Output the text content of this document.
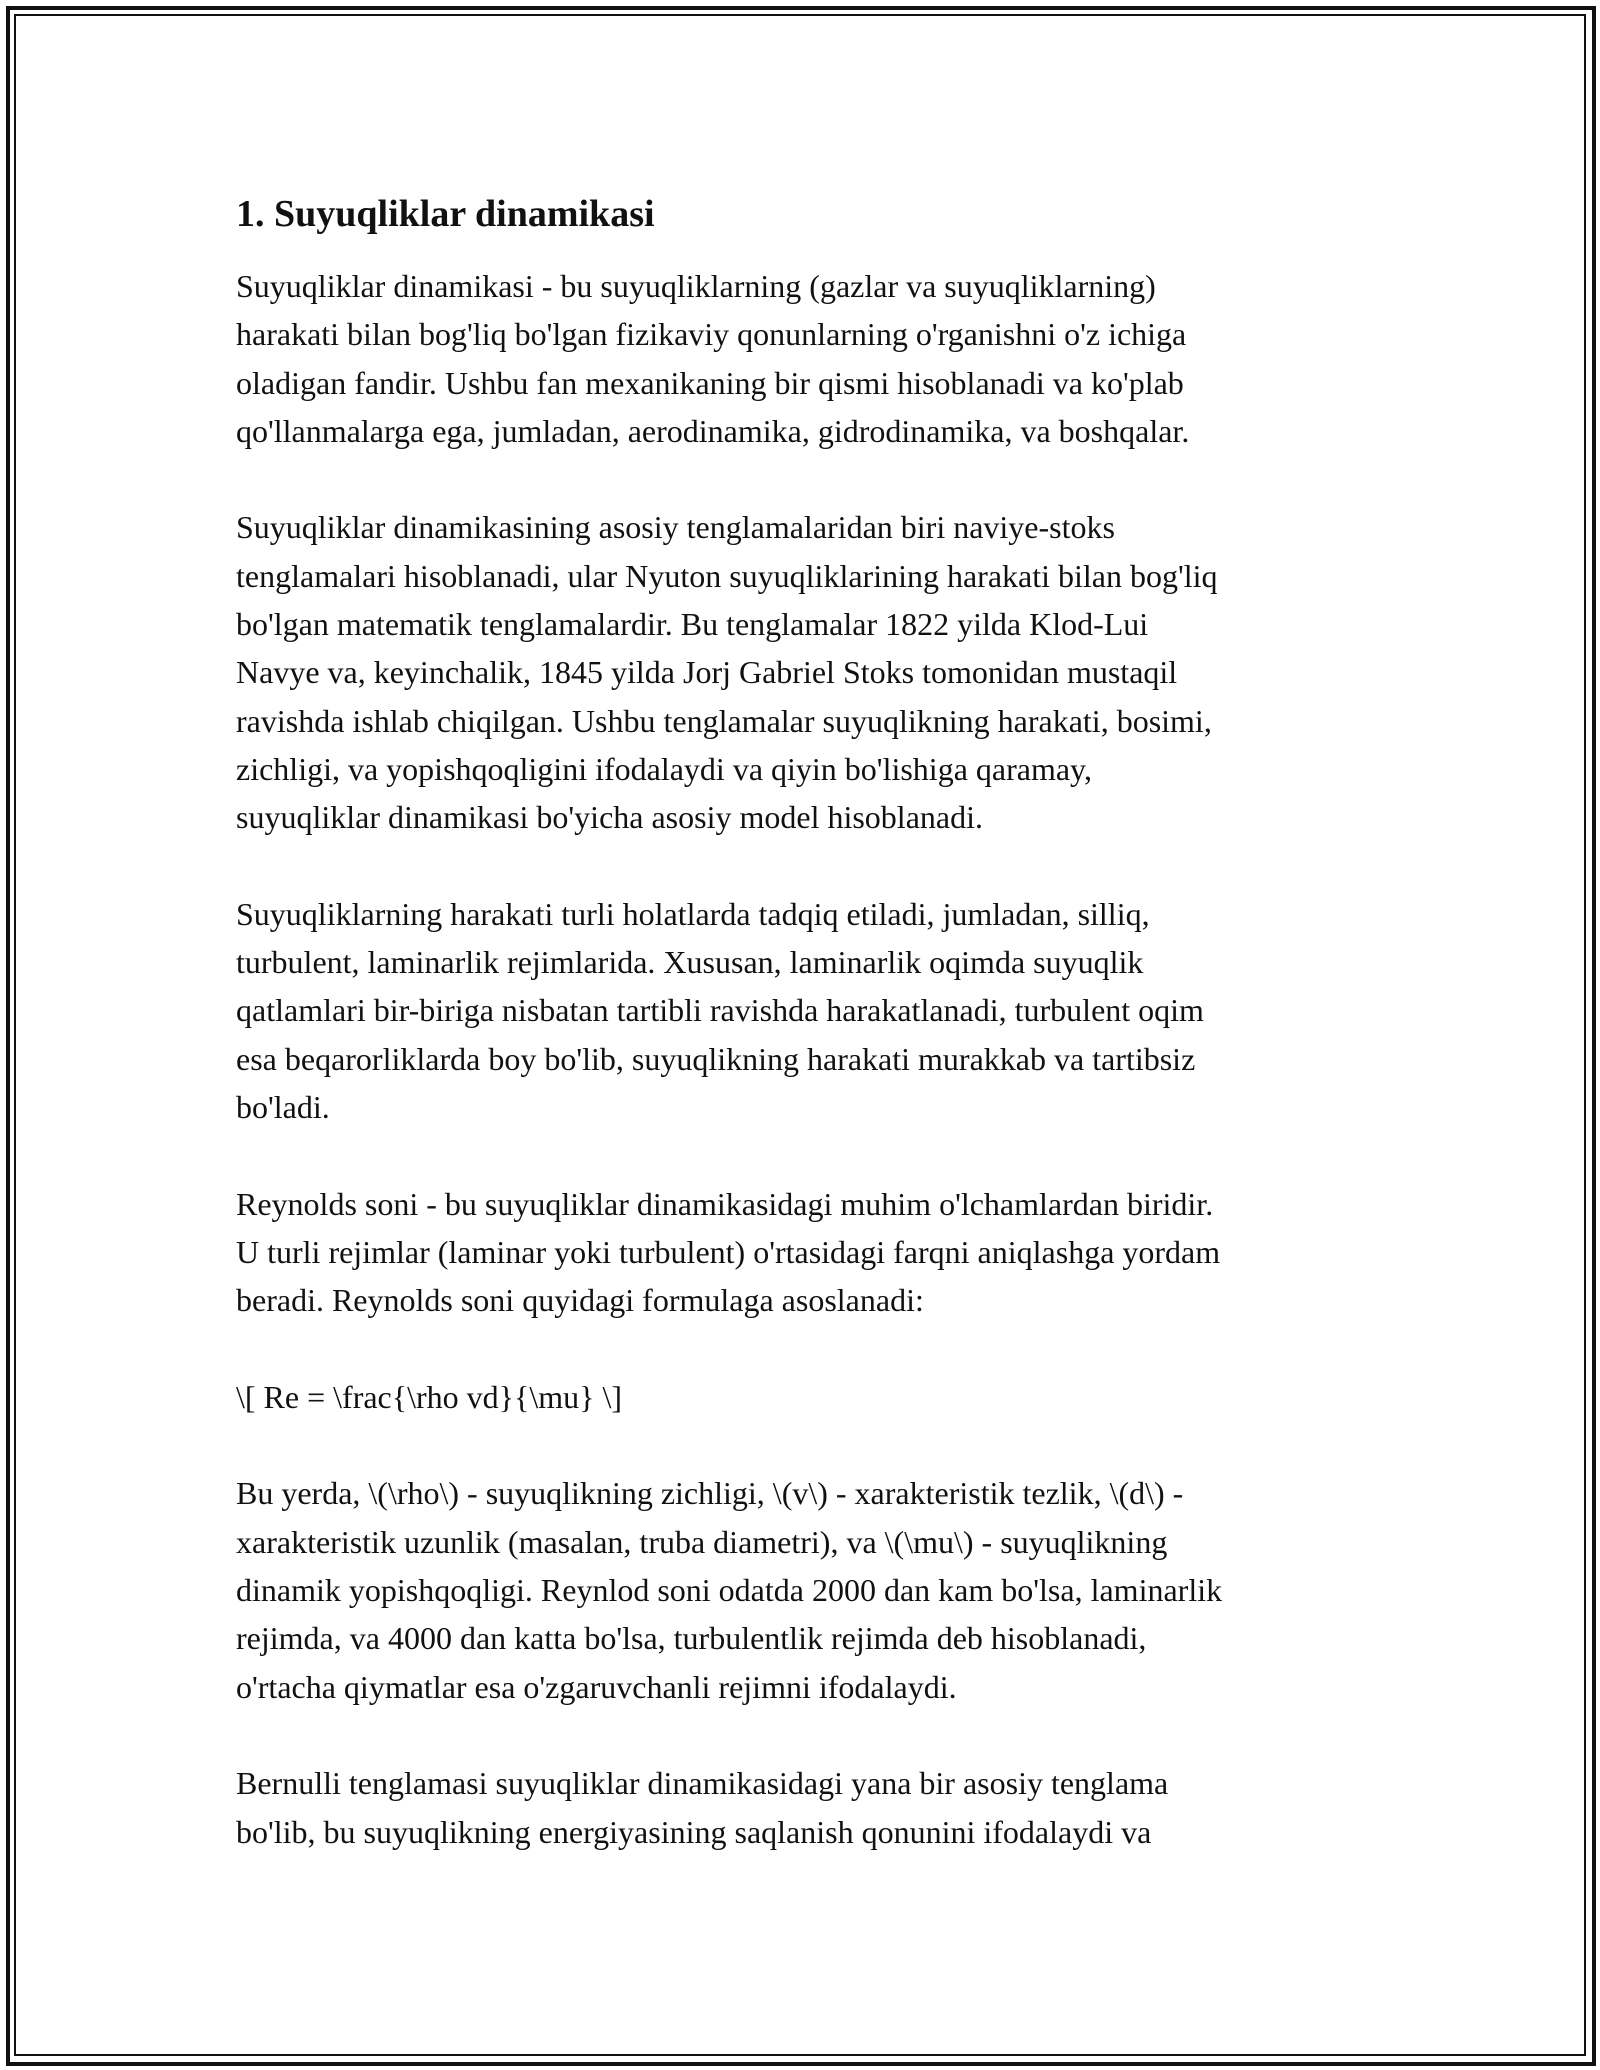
1. Suyuqliklar dinamikasi

Suyuqliklar dinamikasi - bu suyuqliklarning (gazlar va suyuqliklarning)
harakati bilan bog'liq bo'lgan fizikaviy qonunlarning o'rganishni o'z ichiga
oladigan fandir. Ushbu fan mexanikaning bir qismi hisoblanadi va ko'plab
qo'llanmalarga ega, jumladan, aerodinamika, gidrodinamika, va boshqalar.

Suyuqliklar dinamikasining asosiy tenglamalaridan biri naviye-stoks
tenglamalari hisoblanadi, ular Nyuton suyuqliklarining harakati bilan bog'liq
bo'lgan matematik tenglamalardir. Bu tenglamalar 1822 yilda Klod-Lui
Navye va, keyinchalik, 1845 yilda Jorj Gabriel Stoks tomonidan mustaqil
ravishda ishlab chiqilgan. Ushbu tenglamalar suyuqlikning harakati, bosimi,
zichligi, va yopishqoqligini ifodalaydi va qiyin bo'lishiga qaramay,
suyuqliklar dinamikasi bo'yicha asosiy model hisoblanadi.

Suyuqliklarning harakati turli holatlarda tadqiq etiladi, jumladan, silliq,
turbulent, laminarlik rejimlarida. Xususan, laminarlik oqimda suyuqlik
qatlamlari bir-biriga nisbatan tartibli ravishda harakatlanadi, turbulent oqim
esa beqarorliklarda boy bo'lib, suyuqlikning harakati murakkab va tartibsiz
bo'ladi.

Reynolds soni - bu suyuqliklar dinamikasidagi muhim o'lchamlardan biridir.
U turli rejimlar (laminar yoki turbulent) o'rtasidagi farqni aniqlashga yordam
beradi. Reynolds soni quyidagi formulaga asoslanadi:

\[ Re = \frac{\rho vd}{\mu} \]

Bu yerda, \(\rho\) - suyuqlikning zichligi, \(v\) - xarakteristik tezlik, \(d\) -
xarakteristik uzunlik (masalan, truba diametri), va \(\mu\) - suyuqlikning
dinamik yopishqoqligi. Reynlod soni odatda 2000 dan kam bo'lsa, laminarlik
rejimda, va 4000 dan katta bo'lsa, turbulentlik rejimda deb hisoblanadi,
o'rtacha qiymatlar esa o'zgaruvchanli rejimni ifodalaydi.

Bernulli tenglamasi suyuqliklar dinamikasidagi yana bir asosiy tenglama
bo'lib, bu suyuqlikning energiyasining saqlanish qonunini ifodalaydi va
